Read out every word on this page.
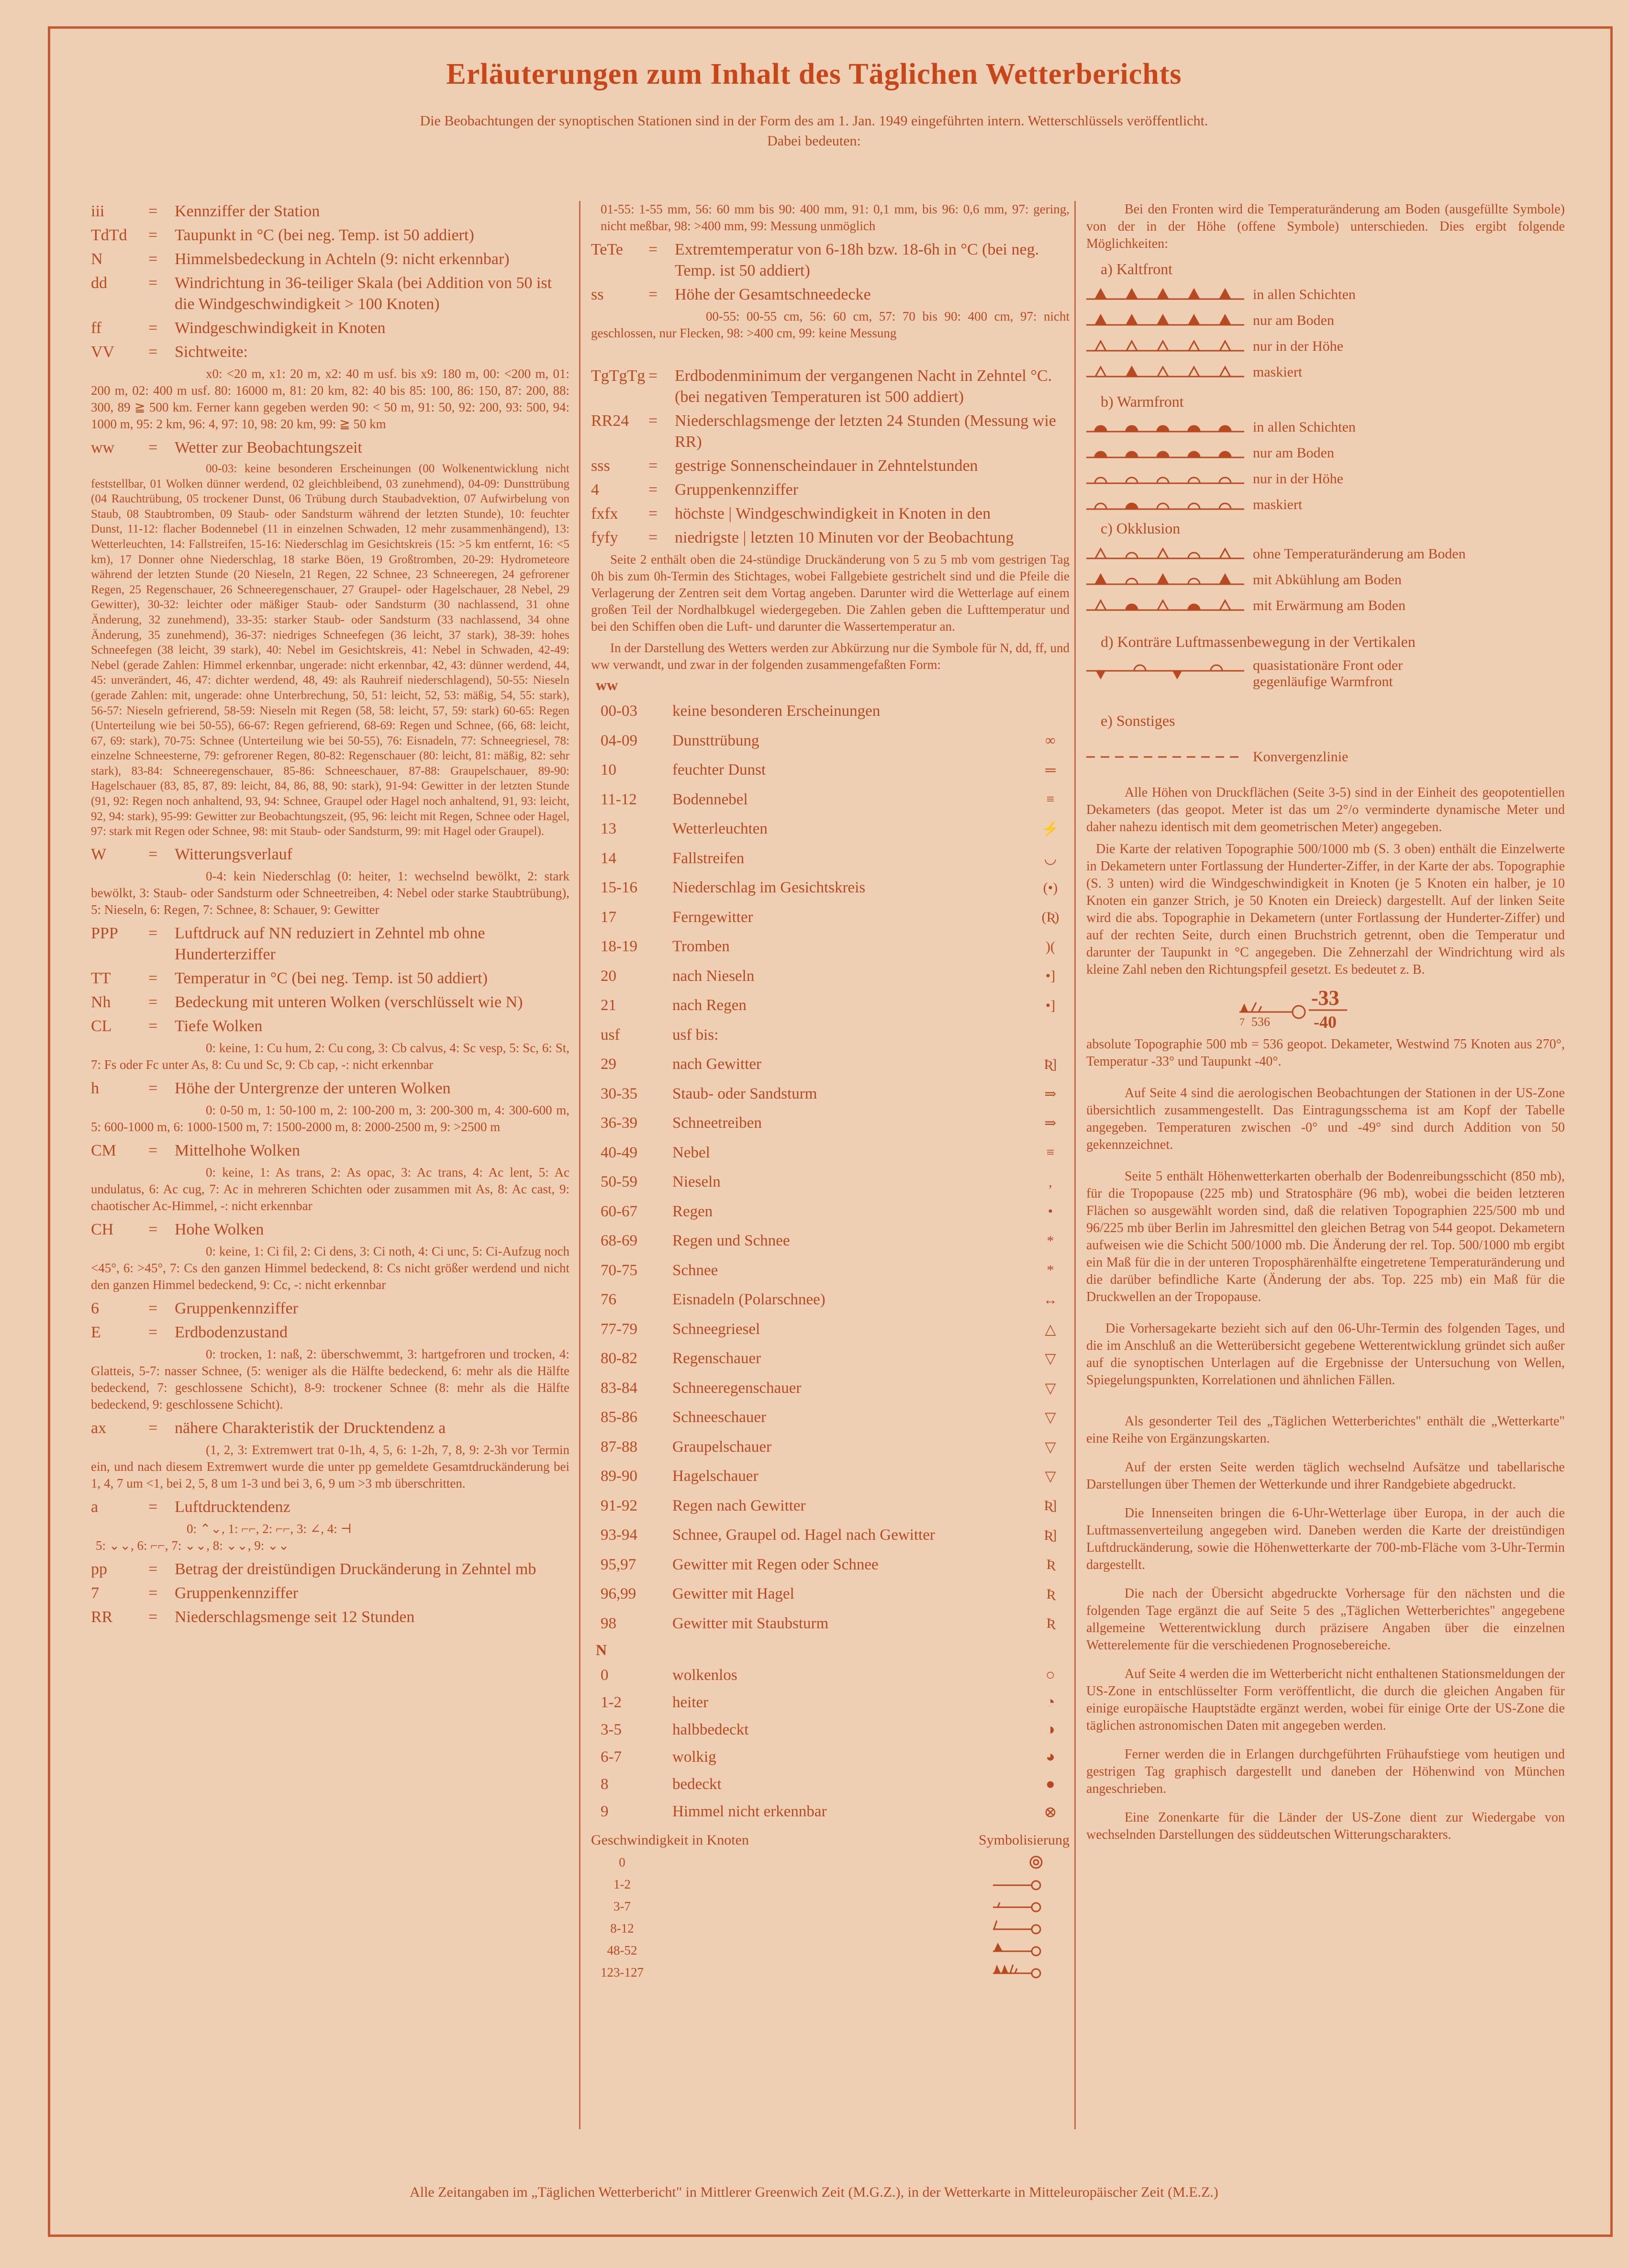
Erläuterungen zum Inhalt des Täglichen Wetterberichts
Die Beobachtungen der synoptischen Stationen sind in der Form des am 1. Jan. 1949 eingeführten intern. Wetterschlüssels veröffentlicht.
Dabei bedeuten:
iii	=	Kennziffer der Station
TdTd	=	Taupunkt in °C (bei neg. Temp. ist 50 addiert)
N	=	Himmelsbedeckung in Achteln (9: nicht erkennbar)
dd	=	Windrichtung in 36-teiliger Skala (bei Addition von 50 ist die Windgeschwindigkeit > 100 Knoten)
ff	=	Windgeschwindigkeit in Knoten
VV	=	Sichtweite:

x0: <20 m, x1: 20 m, x2: 40 m usf. bis x9: 180 m, 00: <200 m, 01: 200 m, 02: 400 m usf. 80: 16000 m, 81: 20 km, 82: 40 bis 85: 100, 86: 150, 87: 200, 88: 300, 89 ≧ 500 km. Ferner kann gegeben werden 90: < 50 m, 91: 50, 92: 200, 93: 500, 94: 1000 m, 95: 2 km, 96: 4, 97: 10, 98: 20 km, 99: ≧ 50 km

ww	=	Wetter zur Beobachtungszeit

00-03: keine besonderen Erscheinungen (00 Wolkenentwicklung nicht feststellbar, 01 Wolken dünner werdend, 02 gleichbleibend, 03 zunehmend), 04-09: Dunsttrübung (04 Rauchtrübung, 05 trockener Dunst, 06 Trübung durch Staubadvektion, 07 Aufwirbelung von Staub, 08 Staubtromben, 09 Staub- oder Sandsturm während der letzten Stunde), 10: feuchter Dunst, 11-12: flacher Bodennebel (11 in einzelnen Schwaden, 12 mehr zusammenhängend), 13: Wetterleuchten, 14: Fallstreifen, 15-16: Niederschlag im Gesichtskreis (15: >5 km entfernt, 16: <5 km), 17 Donner ohne Niederschlag, 18 starke Böen, 19 Großtromben, 20-29: Hydrometeore während der letzten Stunde (20 Nieseln, 21 Regen, 22 Schnee, 23 Schneeregen, 24 gefrorener Regen, 25 Regenschauer, 26 Schneeregenschauer, 27 Graupel- oder Hagelschauer, 28 Nebel, 29 Gewitter), 30-32: leichter oder mäßiger Staub- oder Sandsturm (30 nachlassend, 31 ohne Änderung, 32 zunehmend), 33-35: starker Staub- oder Sandsturm (33 nachlassend, 34 ohne Änderung, 35 zunehmend), 36-37: niedriges Schneefegen (36 leicht, 37 stark), 38-39: hohes Schneefegen (38 leicht, 39 stark), 40: Nebel im Gesichtskreis, 41: Nebel in Schwaden, 42-49: Nebel (gerade Zahlen: Himmel erkennbar, ungerade: nicht erkennbar, 42, 43: dünner werdend, 44, 45: unverändert, 46, 47: dichter werdend, 48, 49: als Rauhreif niederschlagend), 50-55: Nieseln (gerade Zahlen: mit, ungerade: ohne Unterbrechung, 50, 51: leicht, 52, 53: mäßig, 54, 55: stark), 56-57: Nieseln gefrierend, 58-59: Nieseln mit Regen (58, 58: leicht, 57, 59: stark) 60-65: Regen (Unterteilung wie bei 50-55), 66-67: Regen gefrierend, 68-69: Regen und Schnee, (66, 68: leicht, 67, 69: stark), 70-75: Schnee (Unterteilung wie bei 50-55), 76: Eisnadeln, 77: Schneegriesel, 78: einzelne Schneesterne, 79: gefrorener Regen, 80-82: Regenschauer (80: leicht, 81: mäßig, 82: sehr stark), 83-84: Schneeregenschauer, 85-86: Schneeschauer, 87-88: Graupelschauer, 89-90: Hagelschauer (83, 85, 87, 89: leicht, 84, 86, 88, 90: stark), 91-94: Gewitter in der letzten Stunde (91, 92: Regen noch anhaltend, 93, 94: Schnee, Graupel oder Hagel noch anhaltend, 91, 93: leicht, 92, 94: stark), 95-99: Gewitter zur Beobachtungszeit, (95, 96: leicht mit Regen, Schnee oder Hagel, 97: stark mit Regen oder Schnee, 98: mit Staub- oder Sandsturm, 99: mit Hagel oder Graupel).

W	=	Witterungsverlauf

0-4: kein Niederschlag (0: heiter, 1: wechselnd bewölkt, 2: stark bewölkt, 3: Staub- oder Sandsturm oder Schneetreiben, 4: Nebel oder starke Staubtrübung), 5: Nieseln, 6: Regen, 7: Schnee, 8: Schauer, 9: Gewitter

PPP	=	Luftdruck auf NN reduziert in Zehntel mb ohne Hunderterziffer
TT	=	Temperatur in °C (bei neg. Temp. ist 50 addiert)
Nh	=	Bedeckung mit unteren Wolken (verschlüsselt wie N)
CL	=	Tiefe Wolken

0: keine, 1: Cu hum, 2: Cu cong, 3: Cb calvus, 4: Sc vesp, 5: Sc, 6: St, 7: Fs oder Fc unter As, 8: Cu und Sc, 9: Cb cap, -: nicht erkennbar

h	=	Höhe der Untergrenze der unteren Wolken

0: 0-50 m, 1: 50-100 m, 2: 100-200 m, 3: 200-300 m, 4: 300-600 m, 5: 600-1000 m, 6: 1000-1500 m, 7: 1500-2000 m, 8: 2000-2500 m, 9: >2500 m

CM	=	Mittelhohe Wolken

0: keine, 1: As trans, 2: As opac, 3: Ac trans, 4: Ac lent, 5: Ac undulatus, 6: Ac cug, 7: Ac in mehreren Schichten oder zusammen mit As, 8: Ac cast, 9: chaotischer Ac-Himmel, -: nicht erkennbar

CH	=	Hohe Wolken

0: keine, 1: Ci fil, 2: Ci dens, 3: Ci noth, 4: Ci unc, 5: Ci-Aufzug noch <45°, 6: >45°, 7: Cs den ganzen Himmel bedeckend, 8: Cs nicht größer werdend und nicht den ganzen Himmel bedeckend, 9: Cc, -: nicht erkennbar

6	=	Gruppenkennziffer
E	=	Erdbodenzustand

0: trocken, 1: naß, 2: überschwemmt, 3: hartgefroren und trocken, 4: Glatteis, 5-7: nasser Schnee, (5: weniger als die Hälfte bedeckend, 6: mehr als die Hälfte bedeckend, 7: geschlossene Schicht), 8-9: trockener Schnee (8: mehr als die Hälfte bedeckend, 9: geschlossene Schicht).

ax	=	nähere Charakteristik der Drucktendenz a

(1, 2, 3: Extremwert trat 0-1h, 4, 5, 6: 1-2h, 7, 8, 9: 2-3h vor Termin ein, und nach diesem Extremwert wurde die unter pp gemeldete Gesamtdruckänderung bei 1, 4, 7 um <1, bei 2, 5, 8 um 1-3 und bei 3, 6, 9 um >3 mb überschritten.

a	=	Luftdrucktendenz

0: ⌃⌄, 1: ⌐⌐, 2: ⌐⌐, 3: ∠, 4: ⊣

5: ⌄⌄, 6: ⌐⌐, 7: ⌄⌄, 8: ⌄⌄, 9: ⌄⌄

pp	=	Betrag der dreistündigen Druckänderung in Zehntel mb
7	=	Gruppenkennziffer
RR	=	Niederschlagsmenge seit 12 Stunden

01-55: 1-55 mm, 56: 60 mm bis 90: 400 mm, 91: 0,1 mm, bis 96: 0,6 mm, 97: gering, nicht meßbar, 98: >400 mm, 99: Messung unmöglich

TeTe	=	Extremtemperatur von 6-18h bzw. 18-6h in °C (bei neg. Temp. ist 50 addiert)
ss	=	Höhe der Gesamtschneedecke

00-55: 00-55 cm, 56: 60 cm, 57: 70 bis 90: 400 cm, 97: nicht geschlossen, nur Flecken, 98: >400 cm, 99: keine Messung

TgTgTg =	Erdbodenminimum der vergangenen Nacht in Zehntel °C. (bei negativen Temperaturen ist 500 addiert)
RR24	=	Niederschlagsmenge der letzten 24 Stunden (Messung wie RR)
sss	=	gestrige Sonnenscheindauer in Zehntelstunden
4	=	Gruppenkennziffer
fxfx	=	höchste | Windgeschwindigkeit in Knoten in den
fyfy	=	niedrigste | letzten 10 Minuten vor der Beobachtung

Seite 2 enthält oben die 24-stündige Druckänderung von 5 zu 5 mb vom gestrigen Tag 0h bis zum 0h-Termin des Stichtages, wobei Fallgebiete gestrichelt sind und die Pfeile die Verlagerung der Zentren seit dem Vortag angeben. Darunter wird die Wetterlage auf einem großen Teil der Nordhalbkugel wiedergegeben. Die Zahlen geben die Lufttemperatur und bei den Schiffen oben die Luft- und darunter die Wassertemperatur an.

In der Darstellung des Wetters werden zur Abkürzung nur die Symbole für N, dd, ff, und ww verwandt, und zwar in der folgenden zusammengefaßten Form:

ww
00-03	keine besonderen Erscheinungen
04-09	Dunsttrübung	∞
10	feuchter Dunst	═
11-12	Bodennebel	≡
13	Wetterleuchten	⚡
14	Fallstreifen	◡
15-16	Niederschlag im Gesichtskreis	(•)
17	Ferngewitter	(Ʀ)
18-19	Tromben	)(
20	nach Nieseln	•]
21	nach Regen	•]
usf	usf bis:
29	nach Gewitter	Ʀ]
30-35	Staub- oder Sandsturm	⇒
36-39	Schneetreiben	⇒
40-49	Nebel	≡
50-59	Nieseln	,
60-67	Regen	•
68-69	Regen und Schnee	*
70-75	Schnee	*
76	Eisnadeln (Polarschnee)	↔
77-79	Schneegriesel	△
80-82	Regenschauer	▽
83-84	Schneeregenschauer	▽
85-86	Schneeschauer	▽
87-88	Graupelschauer	▽
89-90	Hagelschauer	▽
91-92	Regen nach Gewitter	Ʀ]
93-94	Schnee, Graupel od. Hagel nach Gewitter	Ʀ]
95,97	Gewitter mit Regen oder Schnee	Ʀ
96,99	Gewitter mit Hagel	Ʀ
98	Gewitter mit Staubsturm	Ʀ
N
0	wolkenlos	○
1-2	heiter	◔
3-5	halbbedeckt	◑
6-7	wolkig	◕
8	bedeckt	●
9	Himmel nicht erkennbar	⊗
Geschwindigkeit in Knoten	Symbolisierung
0
1-2
3-7
8-12
48-52
123-127

Bei den Fronten wird die Temperaturänderung am Boden (ausgefüllte Symbole) von der in der Höhe (offene Symbole) unterschieden. Dies ergibt folgende Möglichkeiten:

a) Kaltfront
in allen Schichten
nur am Boden
nur in der Höhe
maskiert
b) Warmfront
in allen Schichten
nur am Boden
nur in der Höhe
maskiert
c) Okklusion
ohne Temperaturänderung am Boden
mit Abkühlung am Boden
mit Erwärmung am Boden
d) Konträre Luftmassenbewegung in der Vertikalen
quasistationäre Front oder gegenläufige Warmfront
e) Sonstiges
Konvergenzlinie

Alle Höhen von Druckflächen (Seite 3-5) sind in der Einheit des geopotentiellen Dekameters (das geopot. Meter ist das um 2°/o verminderte dynamische Meter und daher nahezu identisch mit dem geometrischen Meter) angegeben.

Die Karte der relativen Topographie 500/1000 mb (S. 3 oben) enthält die Einzelwerte in Dekametern unter Fortlassung der Hunderter-Ziffer, in der Karte der abs. Topographie (S. 3 unten) wird die Windgeschwindigkeit in Knoten (je 5 Knoten ein halber, je 10 Knoten ein ganzer Strich, je 50 Knoten ein Dreieck) dargestellt. Auf der linken Seite wird die abs. Topographie in Dekametern (unter Fortlassung der Hunderter-Ziffer) und auf der rechten Seite, durch einen Bruchstrich getrennt, oben die Temperatur und darunter der Taupunkt in °C angegeben. Die Zehnerzahl der Windrichtung wird als kleine Zahl neben den Richtungspfeil gesetzt. Es bedeutet z. B.

7 536
-33
-40

absolute Topographie 500 mb = 536 geopot. Dekameter, Westwind 75 Knoten aus 270°, Temperatur -33° und Taupunkt -40°.

Auf Seite 4 sind die aerologischen Beobachtungen der Stationen in der US-Zone übersichtlich zusammengestellt. Das Eintragungsschema ist am Kopf der Tabelle angegeben. Temperaturen zwischen -0° und -49° sind durch Addition von 50 gekennzeichnet.

Seite 5 enthält Höhenwetterkarten oberhalb der Bodenreibungsschicht (850 mb), für die Tropopause (225 mb) und Stratosphäre (96 mb), wobei die beiden letzteren Flächen so ausgewählt worden sind, daß die relativen Topographien 225/500 mb und 96/225 mb über Berlin im Jahresmittel den gleichen Betrag von 544 geopot. Dekametern aufweisen wie die Schicht 500/1000 mb. Die Änderung der rel. Top. 500/1000 mb ergibt ein Maß für die in der unteren Troposphärenhälfte eingetretene Temperaturänderung und die darüber befindliche Karte (Änderung der abs. Top. 225 mb) ein Maß für die Druckwellen an der Tropopause.

Die Vorhersagekarte bezieht sich auf den 06-Uhr-Termin des folgenden Tages, und die im Anschluß an die Wetterübersicht gegebene Wetterentwicklung gründet sich außer auf die synoptischen Unterlagen auf die Ergebnisse der Untersuchung von Wellen, Spiegelungspunkten, Korrelationen und ähnlichen Fällen.

Als gesonderter Teil des „Täglichen Wetterberichtes" enthält die „Wetterkarte" eine Reihe von Ergänzungskarten.

Auf der ersten Seite werden täglich wechselnd Aufsätze und tabellarische Darstellungen über Themen der Wetterkunde und ihrer Randgebiete abgedruckt.

Die Innenseiten bringen die 6-Uhr-Wetterlage über Europa, in der auch die Luftmassenverteilung angegeben wird. Daneben werden die Karte der dreistündigen Luftdruckänderung, sowie die Höhenwetterkarte der 700-mb-Fläche vom 3-Uhr-Termin dargestellt.

Die nach der Übersicht abgedruckte Vorhersage für den nächsten und die folgenden Tage ergänzt die auf Seite 5 des „Täglichen Wetterberichtes" angegebene allgemeine Wetterentwicklung durch präzisere Angaben über die einzelnen Wetterelemente für die verschiedenen Prognosebereiche.

Auf Seite 4 werden die im Wetterbericht nicht enthaltenen Stationsmeldungen der US-Zone in entschlüsselter Form veröffentlicht, die durch die gleichen Angaben für einige europäische Hauptstädte ergänzt werden, wobei für einige Orte der US-Zone die täglichen astronomischen Daten mit angegeben werden.

Ferner werden die in Erlangen durchgeführten Frühaufstiege vom heutigen und gestrigen Tag graphisch dargestellt und daneben der Höhenwind von München angeschrieben.

Eine Zonenkarte für die Länder der US-Zone dient zur Wiedergabe von wechselnden Darstellungen des süddeutschen Witterungscharakters.

Alle Zeitangaben im „Täglichen Wetterbericht" in Mittlerer Greenwich Zeit (M.G.Z.), in der Wetterkarte in Mitteleuropäischer Zeit (M.E.Z.)
